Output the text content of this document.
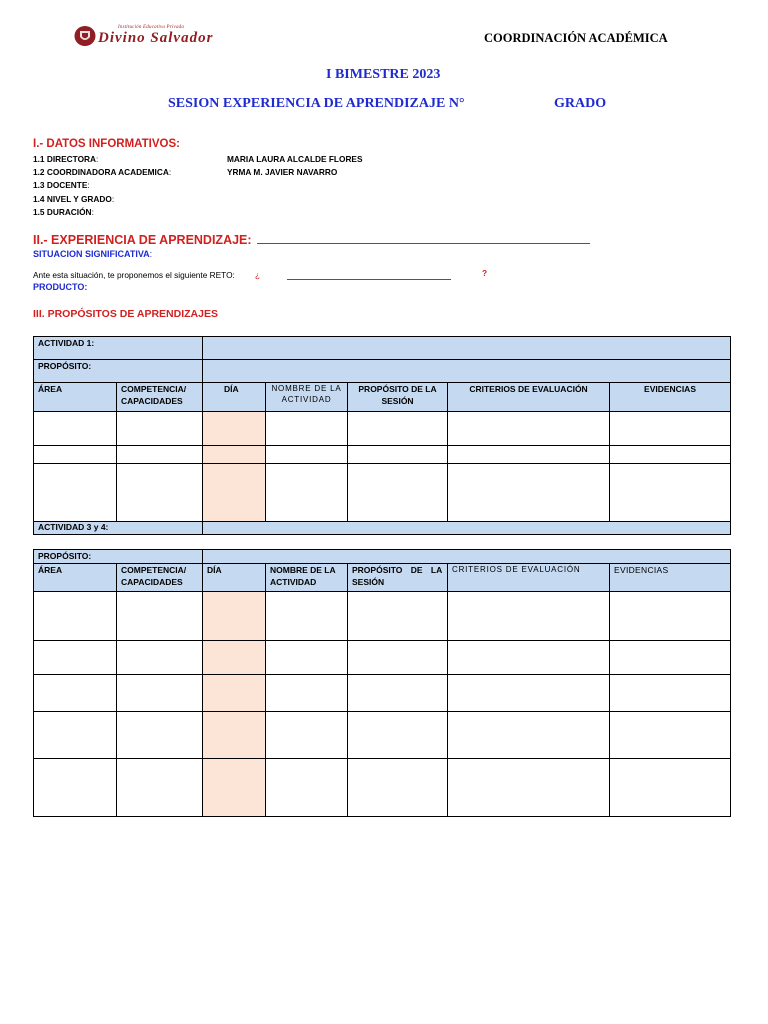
Institución Educativa Privada
Divino Salvador	COORDINACIÓN ACADÉMICA
I BIMESTRE 2023
SESION EXPERIENCIA DE APRENDIZAJE N°	GRADO
I.- DATOS INFORMATIVOS:
1.1 DIRECTORA:	MARIA LAURA ALCALDE FLORES
1.2 COORDINADORA ACADEMICA:	YRMA M. JAVIER NAVARRO
1.3 DOCENTE:
1.4 NIVEL Y GRADO:
1.5 DURACIÓN:
II.- EXPERIENCIA DE APRENDIZAJE:
SITUACION SIGNIFICATIVA:
Ante esta situación, te proponemos el siguiente RETO: ¿	?
PRODUCTO:
III. PROPÓSITOS DE APRENDIZAJES
ACTIVIDAD 1:						
PROPÓSITO:						
ÁREA	COMPETENCIA/ CAPACIDADES	DÍA	NOMBRE DE LA ACTIVIDAD	PROPÓSITO DE LA SESIÓN	CRITERIOS DE EVALUACIÓN	EVIDENCIAS

ACTIVIDAD 3 y 4:						
PROPÓSITO:						
ÁREA	COMPETENCIA/ CAPACIDADES	DÍA	NOMBRE DE LA ACTIVIDAD	PROPÓSITO DE LA SESIÓN	CRITERIOS DE EVALUACIÓN	EVIDENCIAS
